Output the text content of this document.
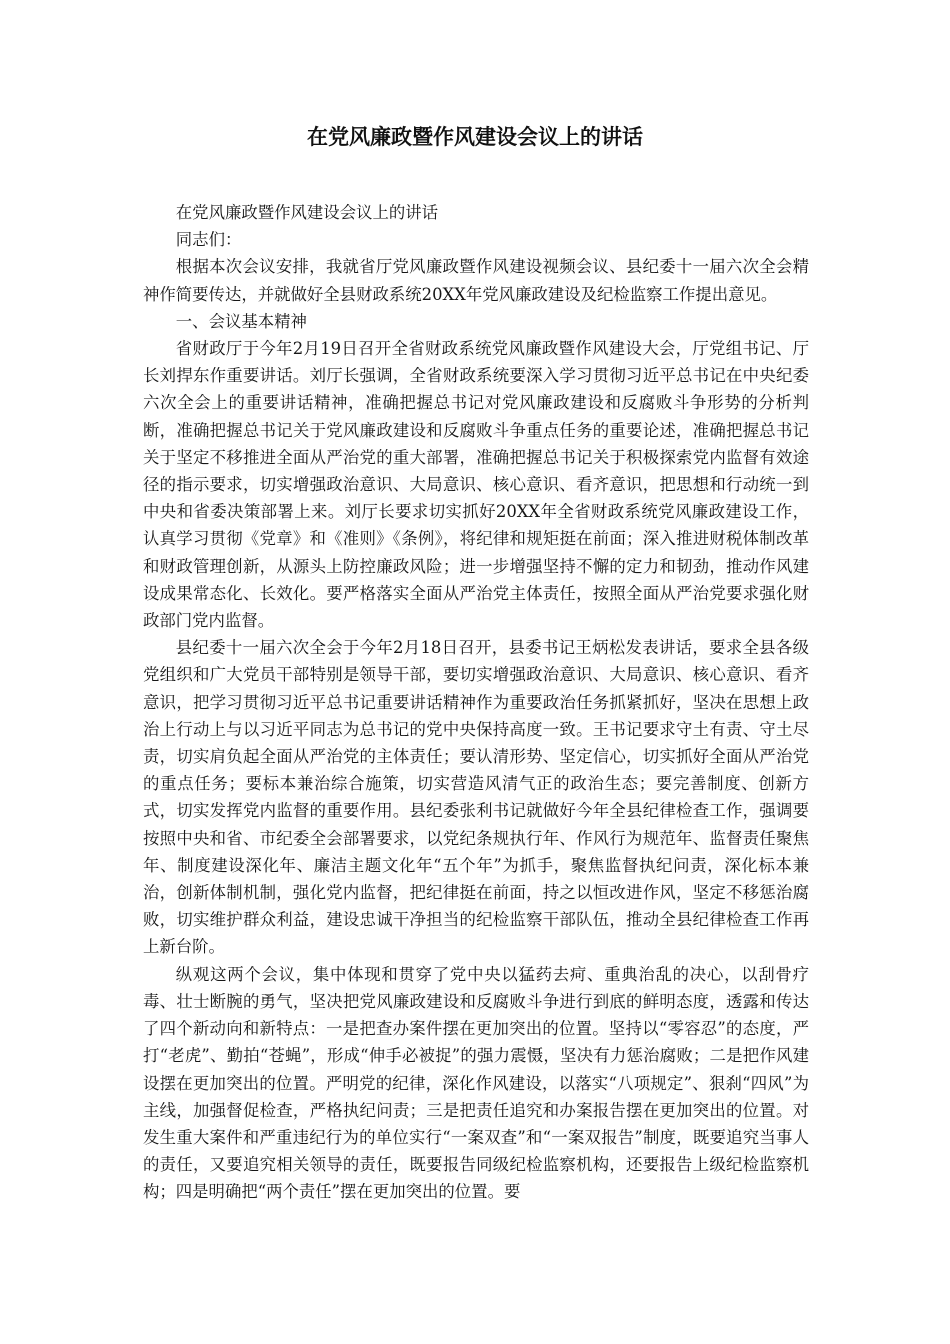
在党风廉政暨作风建设会议上的讲话

在党风廉政暨作风建设会议上的讲话

同志们：

根据本次会议安排，我就省厅党风廉政暨作风建设视频会议、县纪委十一届六次全会精神作简要传达，并就做好全县财政系统20XX年党风廉政建设及纪检监察工作提出意见。

一、会议基本精神

省财政厅于今年2月19日召开全省财政系统党风廉政暨作风建设大会，厅党组书记、厅长刘捍东作重要讲话。刘厅长强调，全省财政系统要深入学习贯彻习近平总书记在中央纪委六次全会上的重要讲话精神，准确把握总书记对党风廉政建设和反腐败斗争形势的分析判断，准确把握总书记关于党风廉政建设和反腐败斗争重点任务的重要论述，准确把握总书记关于坚定不移推进全面从严治党的重大部署，准确把握总书记关于积极探索党内监督有效途径的指示要求，切实增强政治意识、大局意识、核心意识、看齐意识，把思想和行动统一到中央和省委决策部署上来。刘厅长要求切实抓好20XX年全省财政系统党风廉政建设工作，认真学习贯彻《党章》和《准则》《条例》，将纪律和规矩挺在前面；深入推进财税体制改革和财政管理创新，从源头上防控廉政风险；进一步增强坚持不懈的定力和韧劲，推动作风建设成果常态化、长效化。要严格落实全面从严治党主体责任，按照全面从严治党要求强化财政部门党内监督。

县纪委十一届六次全会于今年2月18日召开，县委书记王炳松发表讲话，要求全县各级党组织和广大党员干部特别是领导干部，要切实增强政治意识、大局意识、核心意识、看齐意识，把学习贯彻习近平总书记重要讲话精神作为重要政治任务抓紧抓好，坚决在思想上政治上行动上与以习近平同志为总书记的党中央保持高度一致。王书记要求守土有责、守土尽责，切实肩负起全面从严治党的主体责任；要认清形势、坚定信心，切实抓好全面从严治党的重点任务；要标本兼治综合施策，切实营造风清气正的政治生态；要完善制度、创新方式，切实发挥党内监督的重要作用。县纪委张利书记就做好今年全县纪律检查工作，强调要按照中央和省、市纪委全会部署要求，以党纪条规执行年、作风行为规范年、监督责任聚焦年、制度建设深化年、廉洁主题文化年“五个年”为抓手，聚焦监督执纪问责，深化标本兼治，创新体制机制，强化党内监督，把纪律挺在前面，持之以恒改进作风，坚定不移惩治腐败，切实维护群众利益，建设忠诚干净担当的纪检监察干部队伍，推动全县纪律检查工作再上新台阶。

纵观这两个会议，集中体现和贯穿了党中央以猛药去疴、重典治乱的决心，以刮骨疗毒、壮士断腕的勇气，坚决把党风廉政建设和反腐败斗争进行到底的鲜明态度，透露和传达了四个新动向和新特点：一是把查办案件摆在更加突出的位置。坚持以“零容忍”的态度，严打“老虎”、勤拍“苍蝇”，形成“伸手必被捉”的强力震慑，坚决有力惩治腐败；二是把作风建设摆在更加突出的位置。严明党的纪律，深化作风建设，以落实“八项规定”、狠刹“四风”为主线，加强督促检查，严格执纪问责；三是把责任追究和办案报告摆在更加突出的位置。对发生重大案件和严重违纪行为的单位实行“一案双查”和“一案双报告”制度，既要追究当事人的责任，又要追究相关领导的责任，既要报告同级纪检监察机构，还要报告上级纪检监察机构；四是明确把“两个责任”摆在更加突出的位置。要
